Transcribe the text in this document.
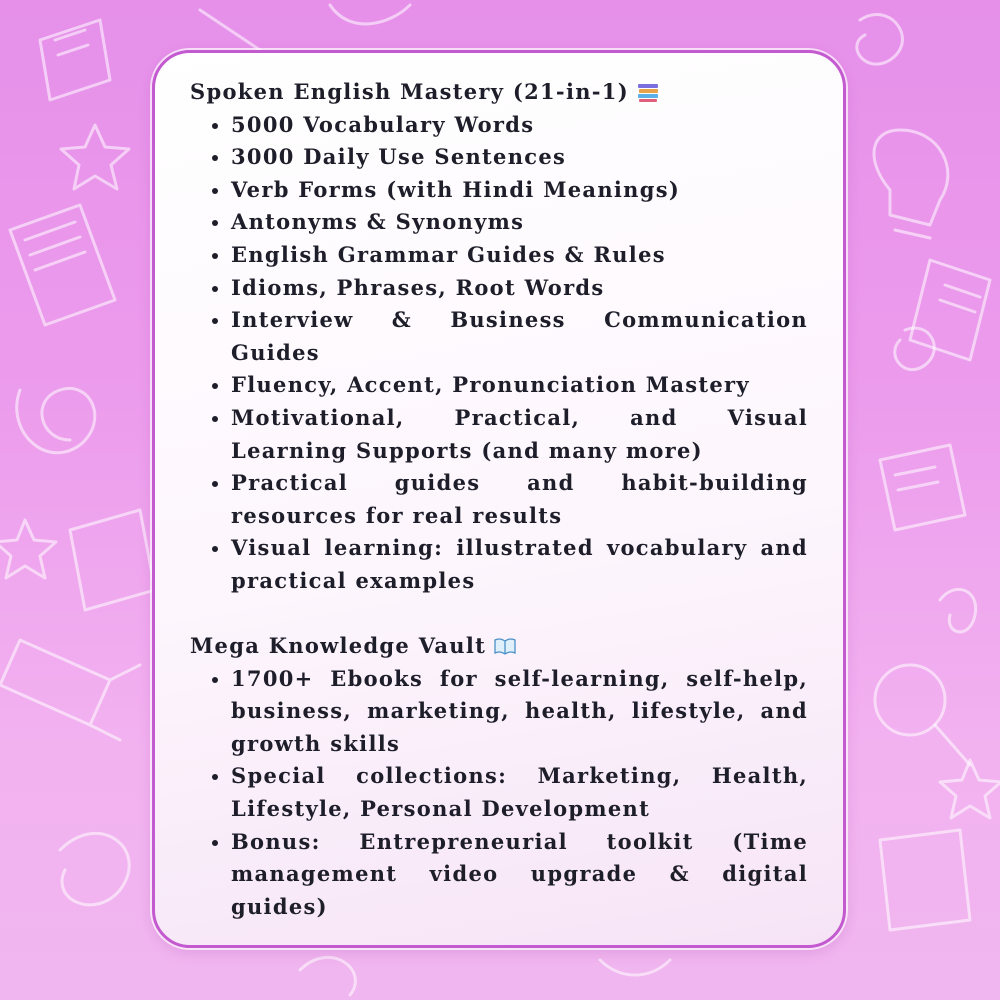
Spoken English Mastery (21-in-1)
5000 Vocabulary Words
3000 Daily Use Sentences
Verb Forms (with Hindi Meanings)
Antonyms & Synonyms
English Grammar Guides & Rules
Idioms, Phrases, Root Words
Interview & Business Communication Guides
Fluency, Accent, Pronunciation Mastery
Motivational, Practical, and Visual Learning Supports (and many more)
Practical guides and habit-building resources for real results
Visual learning: illustrated vocabulary and practical examples
Mega Knowledge Vault
1700+ Ebooks for self-learning, self-help, business, marketing, health, lifestyle, and growth skills
Special collections: Marketing, Health, Lifestyle, Personal Development
Bonus: Entrepreneurial toolkit (Time management video upgrade & digital guides)
